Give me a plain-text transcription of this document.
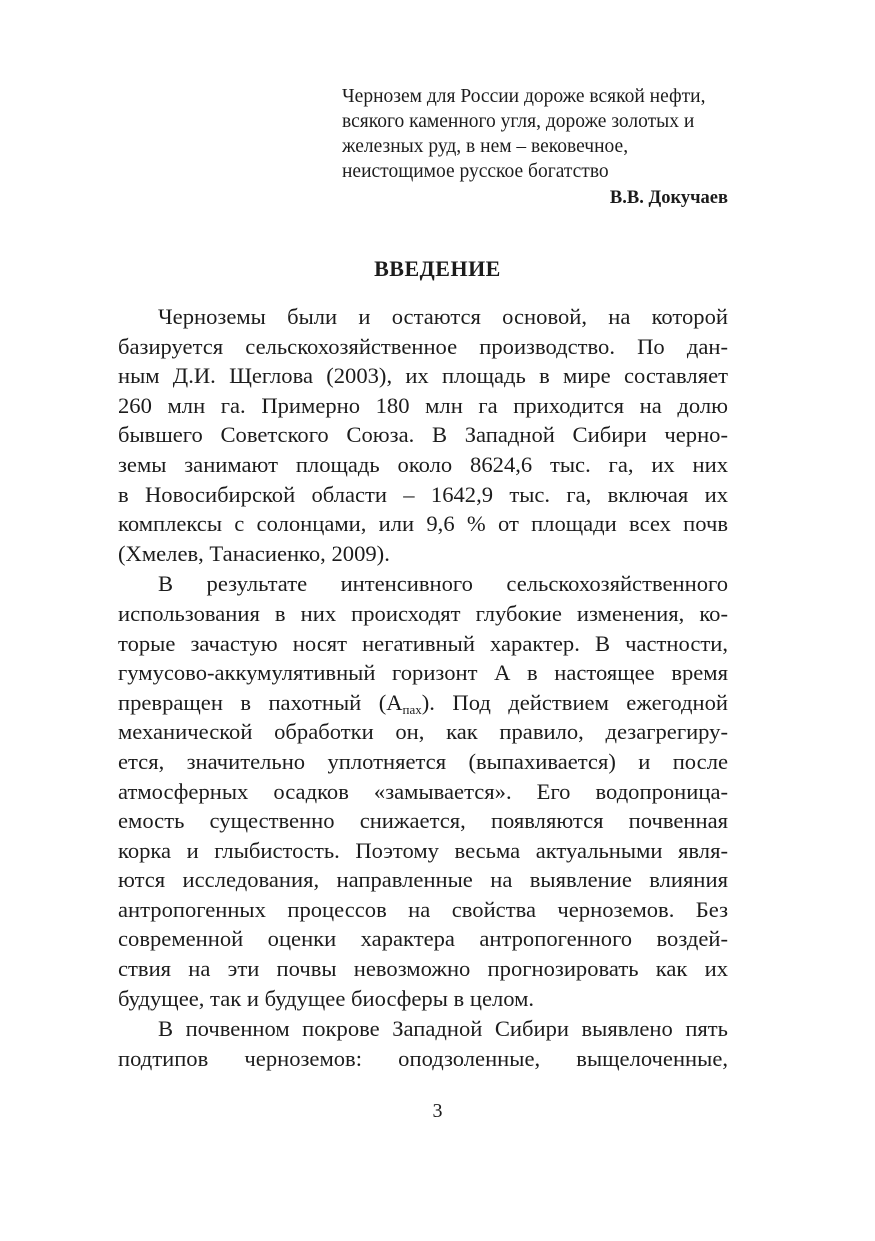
Чернозем для России дороже всякой нефти,
всякого каменного угля, дороже золотых и
железных руд, в нем – вековечное,
неистощимое русское богатство
В.В. Докучаев
ВВЕДЕНИЕ
Черноземы были и остаются основой, на которой
базируется сельскохозяйственное производство. По дан-
ным Д.И. Щеглова (2003), их площадь в мире составляет
260 млн га. Примерно 180 млн га приходится на долю
бывшего Советского Союза. В Западной Сибири черно-
земы занимают площадь около 8624,6 тыс. га, их них
в Новосибирской области – 1642,9 тыс. га, включая их
комплексы с солонцами, или 9,6 % от площади всех почв
(Хмелев, Танасиенко, 2009).
В результате интенсивного сельскохозяйственного
использования в них происходят глубокие изменения, ко-
торые зачастую носят негативный характер. В частности,
гумусово-аккумулятивный горизонт А в настоящее время
превращен в пахотный $(А_{пах})$. Под действием ежегодной
механической обработки он, как правило, дезагрегиру-
ется, значительно уплотняется (выпахивается) и после
атмосферных осадков «замывается». Его водопроница-
емость существенно снижается, появляются почвенная
корка и глыбистость. Поэтому весьма актуальными явля-
ются исследования, направленные на выявление влияния
антропогенных процессов на свойства черноземов. Без
современной оценки характера антропогенного воздей-
ствия на эти почвы невозможно прогнозировать как их
будущее, так и будущее биосферы в целом.
В почвенном покрове Западной Сибири выявлено пять
подтипов черноземов: оподзоленные, выщелоченные,
3
